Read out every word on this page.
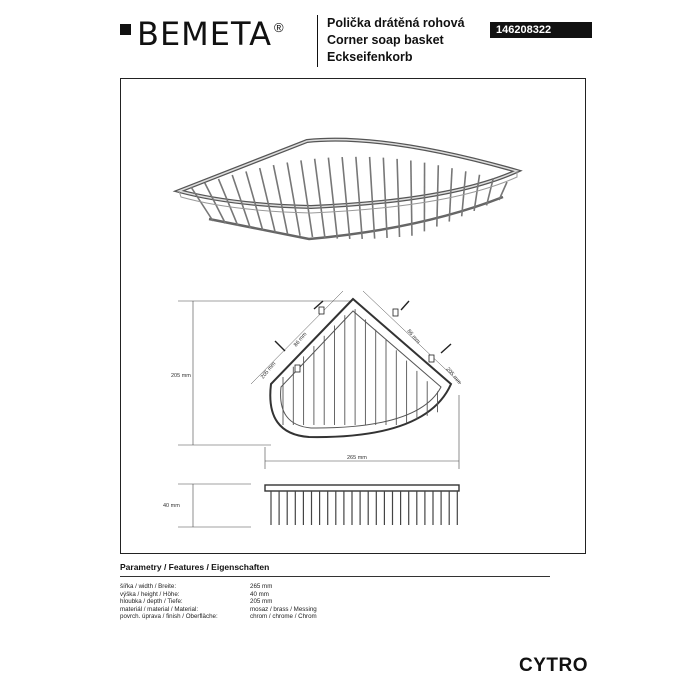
BEMETA ®	Polička drátěná rohová
Corner soap basket
Eckseifenkorb
146208322
205 mm
265 mm
205 mm	205 mm
86 mm	86 mm
40 mm
Parametry / Features / Eigenschaften
šířka / width / Breite:	265 mm
výška / height / Höhe:	40 mm
hloubka / depth / Tiefe:	205 mm
materiál / material / Material:	mosaz / brass / Messing
povrch. úprava / finish / Oberfläche:	chrom / chrome / Chrom
CYTRO
